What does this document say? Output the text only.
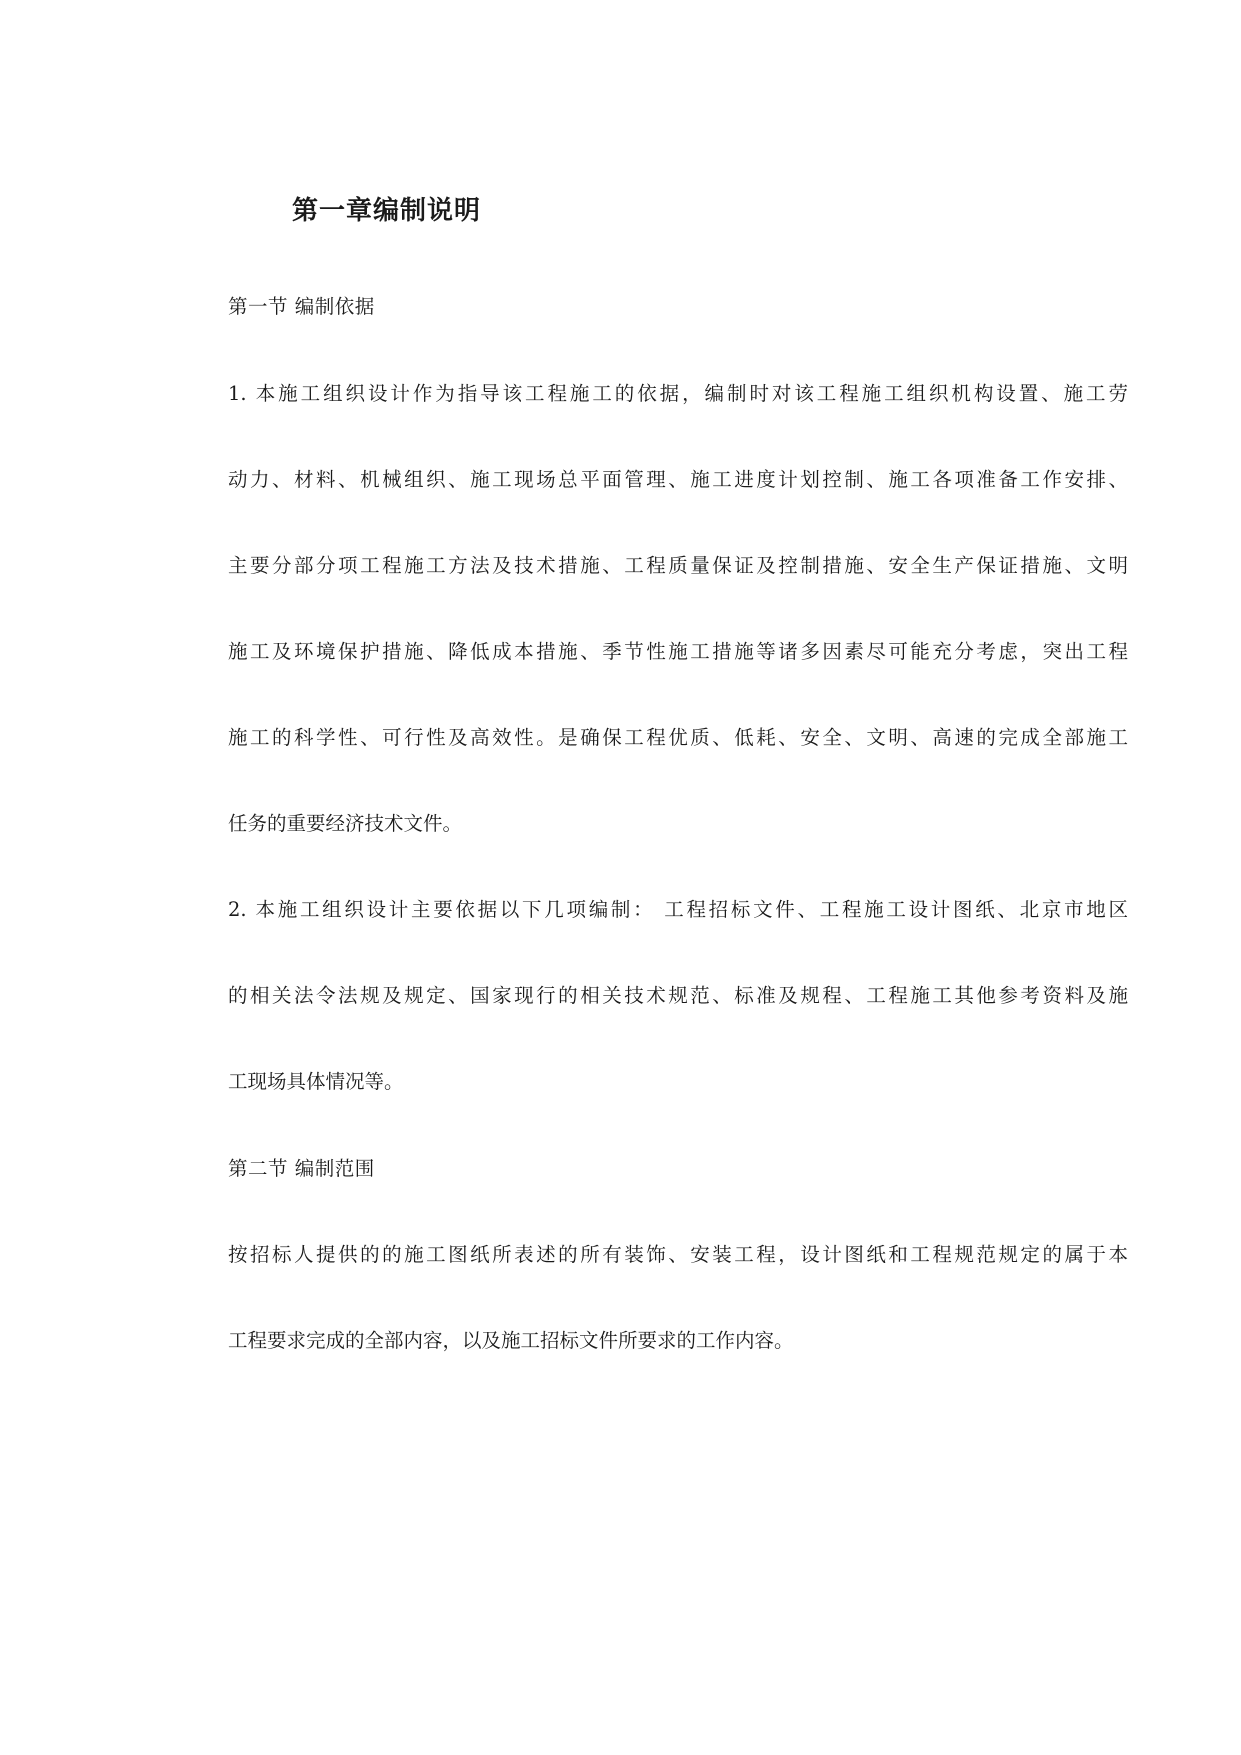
第一章编制说明
第一节 编制依据
1. 本施工组织设计作为指导该工程施工的依据，编制时对该工程施工组织机构设置、施工劳
动力、材料、机械组织、施工现场总平面管理、施工进度计划控制、施工各项准备工作安排、
主要分部分项工程施工方法及技术措施、工程质量保证及控制措施、安全生产保证措施、文明
施工及环境保护措施、降低成本措施、季节性施工措施等诸多因素尽可能充分考虑，突出工程
施工的科学性、可行性及高效性。是确保工程优质、低耗、安全、文明、高速的完成全部施工
任务的重要经济技术文件。
2. 本施工组织设计主要依据以下几项编制： 工程招标文件、工程施工设计图纸、北京市地区
的相关法令法规及规定、国家现行的相关技术规范、标准及规程、工程施工其他参考资料及施
工现场具体情况等。
第二节 编制范围
按招标人提供的的施工图纸所表述的所有装饰、安装工程，设计图纸和工程规范规定的属于本
工程要求完成的全部内容，以及施工招标文件所要求的工作内容。
